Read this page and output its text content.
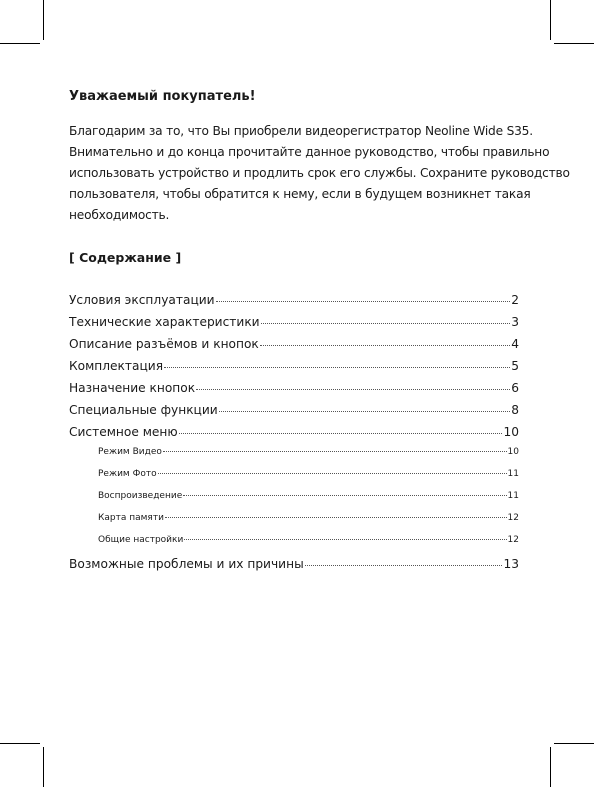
Уважаемый покупатель!

Благодарим за то, что Вы приобрели видеорегистратор Neoline Wide S35.
Внимательно и до конца прочитайте данное руководство, чтобы правильно
использовать устройство и продлить срок его службы. Сохраните руководство
пользователя, чтобы обратится к нему, если в будущем возникнет такая
необходимость.

[ Содержание ]
Условия эксплуатации	2
Технические характеристики	3
Описание разъёмов и кнопок	4
Комплектация	5
Назначение кнопок	6
Специальные функции	8
Системное меню	10
Режим Видео	10
Режим Фото	11
Воспроизведение	11
Карта памяти	12
Общие настройки	12
Возможные проблемы и их причины	13
